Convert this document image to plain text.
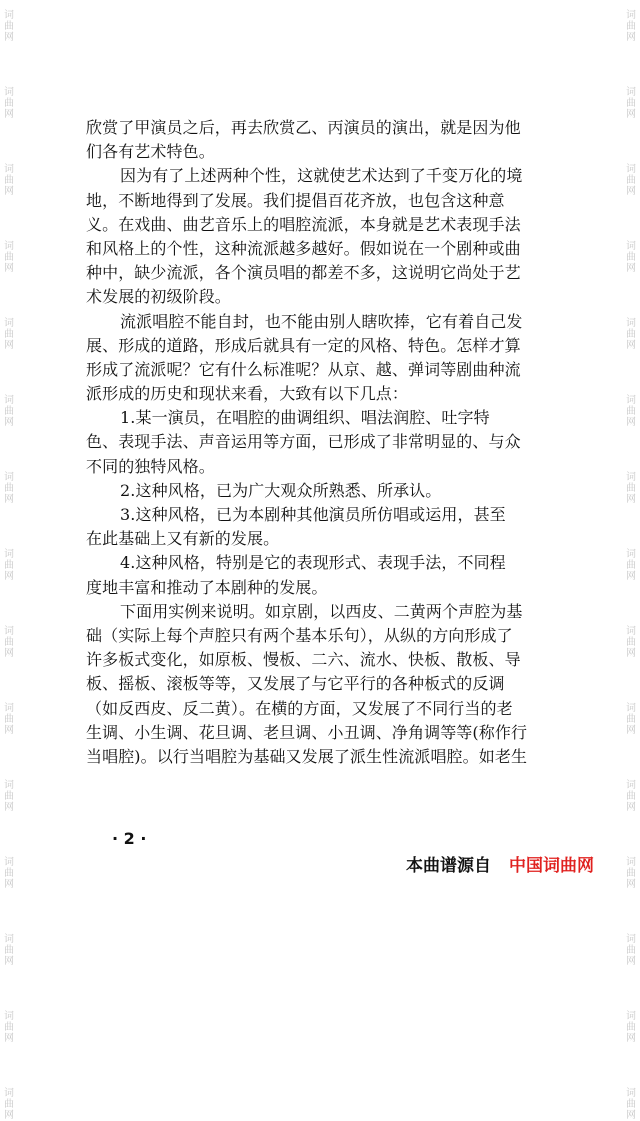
词
曲
网
词
曲
网
词
曲
网
词
曲
网
词
曲
网
词
曲
网
词
曲
网
词
曲
网
词
曲
网
词
曲
网
词
曲
网
词
曲
网
词
曲
网
词
曲
网
词
曲
网
词
曲
网
词
曲
网
词
曲
网
词
曲
网
词
曲
网
词
曲
网
词
曲
网
词
曲
网
词
曲
网
词
曲
网
词
曲
网
词
曲
网
词
曲
网
词
曲
网
词
曲
网
欣赏了甲演员之后，再去欣赏乙、丙演员的演出，就是因为他
们各有艺术特色。
因为有了上述两种个性，这就使艺术达到了千变万化的境
地，不断地得到了发展。我们提倡百花齐放，也包含这种意
义。在戏曲、曲艺音乐上的唱腔流派，本身就是艺术表现手法
和风格上的个性，这种流派越多越好。假如说在一个剧种或曲
种中，缺少流派，各个演员唱的都差不多，这说明它尚处于艺
术发展的初级阶段。
流派唱腔不能自封，也不能由别人瞎吹捧，它有着自己发
展、形成的道路，形成后就具有一定的风格、特色。怎样才算
形成了流派呢？它有什么标准呢？从京、越、弹词等剧曲种流
派形成的历史和现状来看，大致有以下几点：
1.某一演员，在唱腔的曲调组织、唱法润腔、吐字特
色、表现手法、声音运用等方面，已形成了非常明显的、与众
不同的独特风格。
2.这种风格，已为广大观众所熟悉、所承认。
3.这种风格，已为本剧种其他演员所仿唱或运用，甚至
在此基础上又有新的发展。
4.这种风格，特别是它的表现形式、表现手法，不同程
度地丰富和推动了本剧种的发展。
下面用实例来说明。如京剧，以西皮、二黄两个声腔为基
础（实际上每个声腔只有两个基本乐句），从纵的方向形成了
许多板式变化，如原板、慢板、二六、流水、快板、散板、导
板、摇板、滚板等等，又发展了与它平行的各种板式的反调
（如反西皮、反二黄）。在横的方面，又发展了不同行当的老
生调、小生调、花旦调、老旦调、小丑调、净角调等等(称作行
当唱腔)。以行当唱腔为基础又发展了派生性流派唱腔。如老生
· 2 ·
本曲谱源自 中国词曲网
